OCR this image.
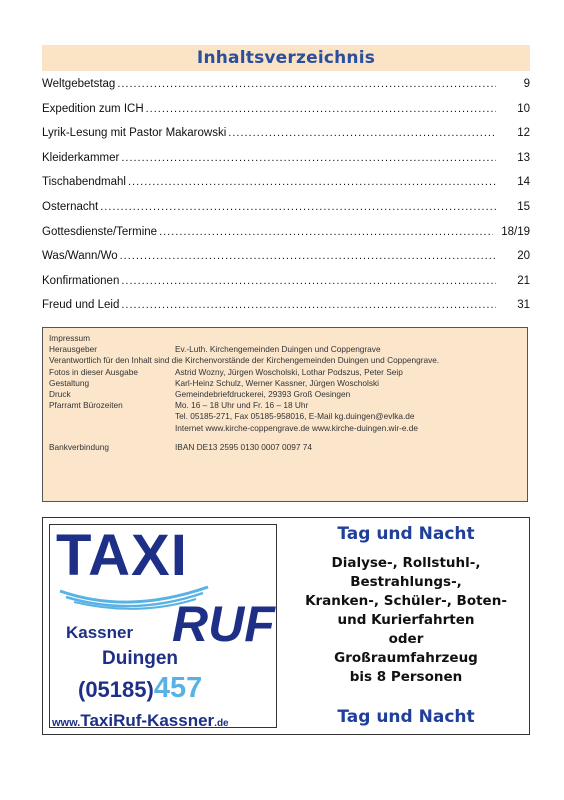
Inhaltsverzeichnis
Weltgebetstag .....	9
Expedition zum ICH .....	10
Lyrik-Lesung mit Pastor Makarowski .....	12
Kleiderkammer .....	13
Tischabendmahl .....	14
Osternacht .....	15
Gottesdienste/Termine .....	18/19
Was/Wann/Wo .....	20
Konfirmationen .....	21
Freud und Leid .....	31
Impressum
Herausgeber	Ev.-Luth. Kirchengemeinden Duingen und Coppengrave
Verantwortlich für den Inhalt sind die Kirchenvorstände der Kirchengemeinden Duingen und Coppengrave.
Fotos in dieser Ausgabe	Astrid Wozny, Jürgen Woscholski, Lothar Podszus, Peter Seip
Gestaltung	Karl-Heinz Schulz, Werner Kassner, Jürgen Woscholski
Druck	Gemeindebriefdruckerei, 29393 Groß Oesingen
Pfarramt Bürozeiten	Mo. 16 – 18 Uhr und Fr. 16 – 18 Uhr
Tel. 05185-271, Fax 05185-958016, E-Mail kg.duingen@evlka.de
Internet www.kirche-coppengrave.de www.kirche-duingen.wir-e.de
Bankverbindung	IBAN DE13 2595 0130 0007 0097 74
TAXI
Kassner RUF
Duingen
(05185)457
www.TaxiRuf-Kassner.de
Tag und Nacht
Dialyse-, Rollstuhl-,
Bestrahlungs-,
Kranken-, Schüler-, Boten-
und Kurierfahrten
oder
Großraumfahrzeug
bis 8 Personen
Tag und Nacht
